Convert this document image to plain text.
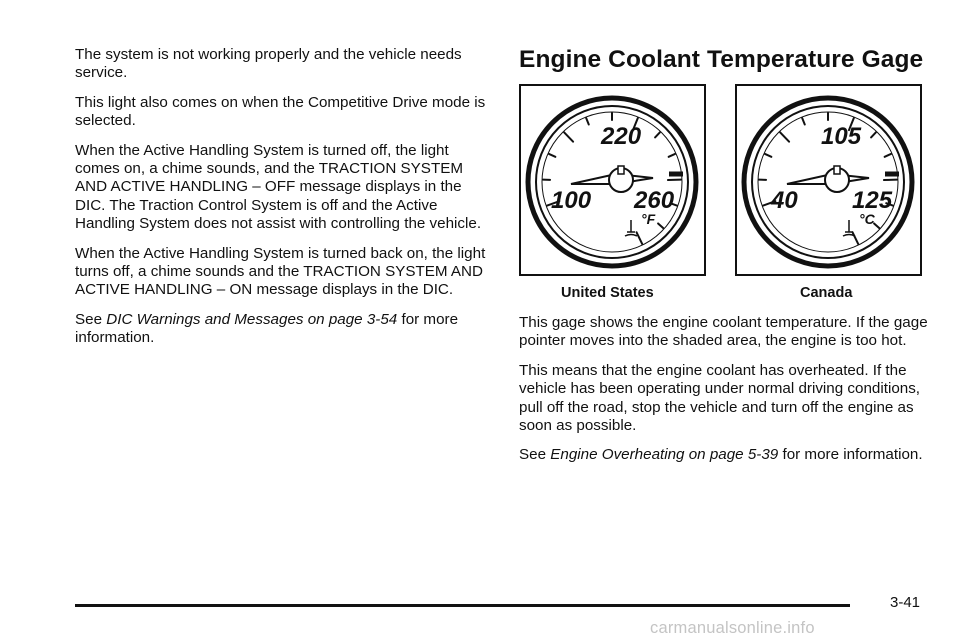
The system is not working properly and the vehicle needs service.

This light also comes on when the Competitive Drive mode is selected.

When the Active Handling System is turned off, the light comes on, a chime sounds, and the TRACTION SYSTEM AND ACTIVE HANDLING – OFF message displays in the DIC. The Traction Control System is off and the Active Handling System does not assist with controlling the vehicle.

When the Active Handling System is turned back on, the light turns off, a chime sounds and the TRACTION SYSTEM AND ACTIVE HANDLING – ON message displays in the DIC.

See DIC Warnings and Messages on page 3-54 for more information.

Engine Coolant Temperature Gage
220
100 260
°F
105
40 125
°C
United States	Canada

This gage shows the engine coolant temperature. If the gage pointer moves into the shaded area, the engine is too hot.

This means that the engine coolant has overheated. If the vehicle has been operating under normal driving conditions, pull off the road, stop the vehicle and turn off the engine as soon as possible.

See Engine Overheating on page 5-39 for more information.

3-41
carmanualsonline.info
